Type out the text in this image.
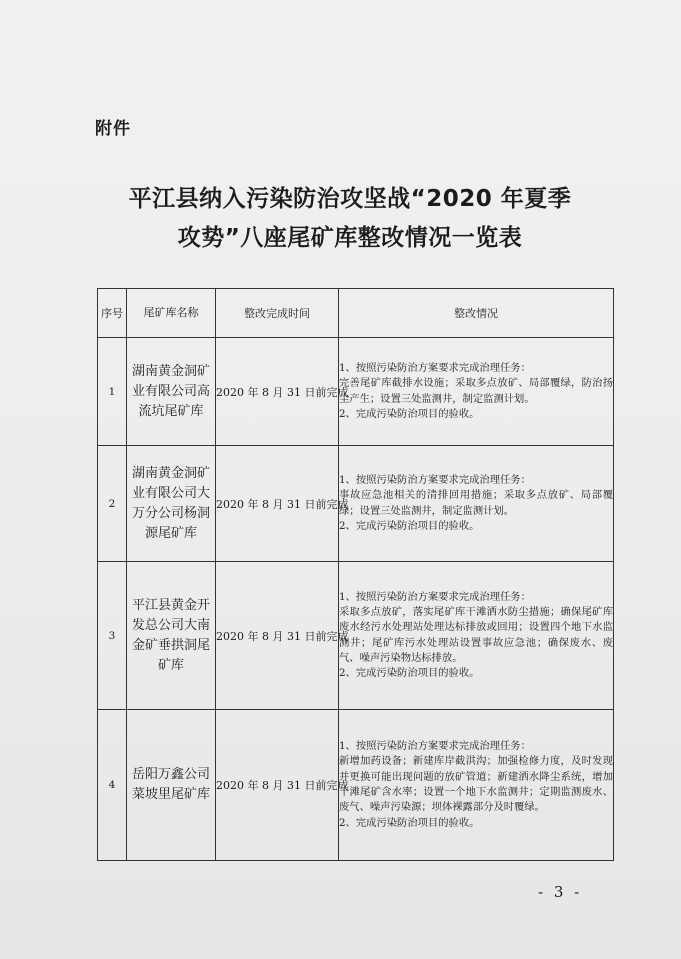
附件
平江县纳入污染防治攻坚战“2020 年夏季
攻势”八座尾矿库整改情况一览表
序号	尾矿库名称	整改完成时间	整改情况
1	湖南黄金洞矿业有限公司高流坑尾矿库	2020 年 8 月 31 日前完成	1、按照污染防治方案要求完成治理任务：
完善尾矿库截排水设施；采取多点放矿、局部覆绿，防治扬尘产生；设置三处监测井，制定监测计划。
2、完成污染防治项目的验收。

2	湖南黄金洞矿业有限公司大万分公司杨洞源尾矿库	2020 年 8 月 31 日前完成	1、按照污染防治方案要求完成治理任务：
事故应急池相关的清排回用措施；采取多点放矿、局部覆绿；设置三处监测井，制定监测计划。
2、完成污染防治项目的验收。

3	平江县黄金开发总公司大南金矿垂拱洞尾矿库	2020 年 8 月 31 日前完成	1、按照污染防治方案要求完成治理任务：
采取多点放矿，落实尾矿库干滩洒水防尘措施；确保尾矿库废水经污水处理站处理达标排放或回用；设置四个地下水监测井；尾矿库污水处理站设置事故应急池；确保废水、废气、噪声污染物达标排放。
2、完成污染防治项目的验收。

4	岳阳万鑫公司菜坡里尾矿库	2020 年 8 月 31 日前完成	1、按照污染防治方案要求完成治理任务：
新增加药设备；新建库岸截洪沟；加强检修力度，及时发现并更换可能出现问题的放矿管道；新建洒水降尘系统，增加干滩尾矿含水率；设置一个地下水监测井；定期监测废水、废气、噪声污染源；坝体裸露部分及时覆绿。
2、完成污染防治项目的验收。
- 3 -
